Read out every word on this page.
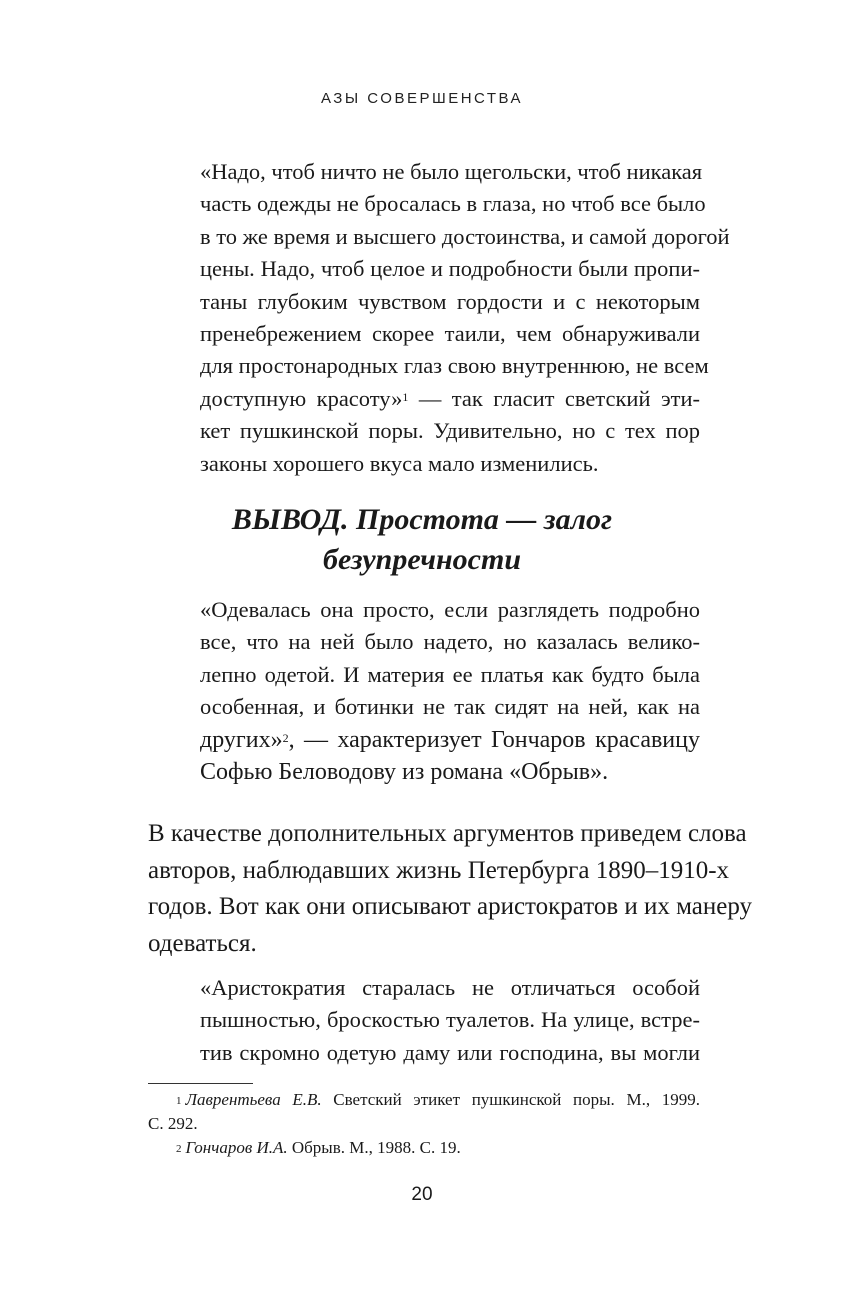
АЗЫ СОВЕРШЕНСТВА
«Надо, чтоб ничто не было щегольски, чтоб никакая
часть одежды не бросалась в глаза, но чтоб все было
в то же время и высшего достоинства, и самой дорогой
цены. Надо, чтоб целое и подробности были пропи-
таны глубоким чувством гордости и с некоторым
пренебрежением скорее таили, чем обнаруживали
для простонародных глаз свою внутреннюю, не всем
доступную красоту»$^1$ — так гласит светский эти-
кет пушкинской поры. Удивительно, но с тех пор
законы хорошего вкуса мало изменились.
ВЫВОД. Простота — залог
безупречности
«Одевалась она просто, если разглядеть подробно
все, что на ней было надето, но казалась велико-
лепно одетой. И материя ее платья как будто была
особенная, и ботинки не так сидят на ней, как на
других»$^2$, — характеризует Гончаров красавицу
Софью Беловодову из романа «Обрыв».
В качестве дополнительных аргументов приведем слова
авторов, наблюдавших жизнь Петербурга 1890–1910-х
годов. Вот как они описывают аристократов и их манеру
одеваться.
«Аристократия старалась не отличаться особой
пышностью, броскостью туалетов. На улице, встре-
тив скромно одетую даму или господина, вы могли
$^1$ Лаврентьева Е.В. Светский этикет пушкинской поры. М., 1999.
С. 292.
$^2$ Гончаров И.А. Обрыв. М., 1988. С. 19.
20
